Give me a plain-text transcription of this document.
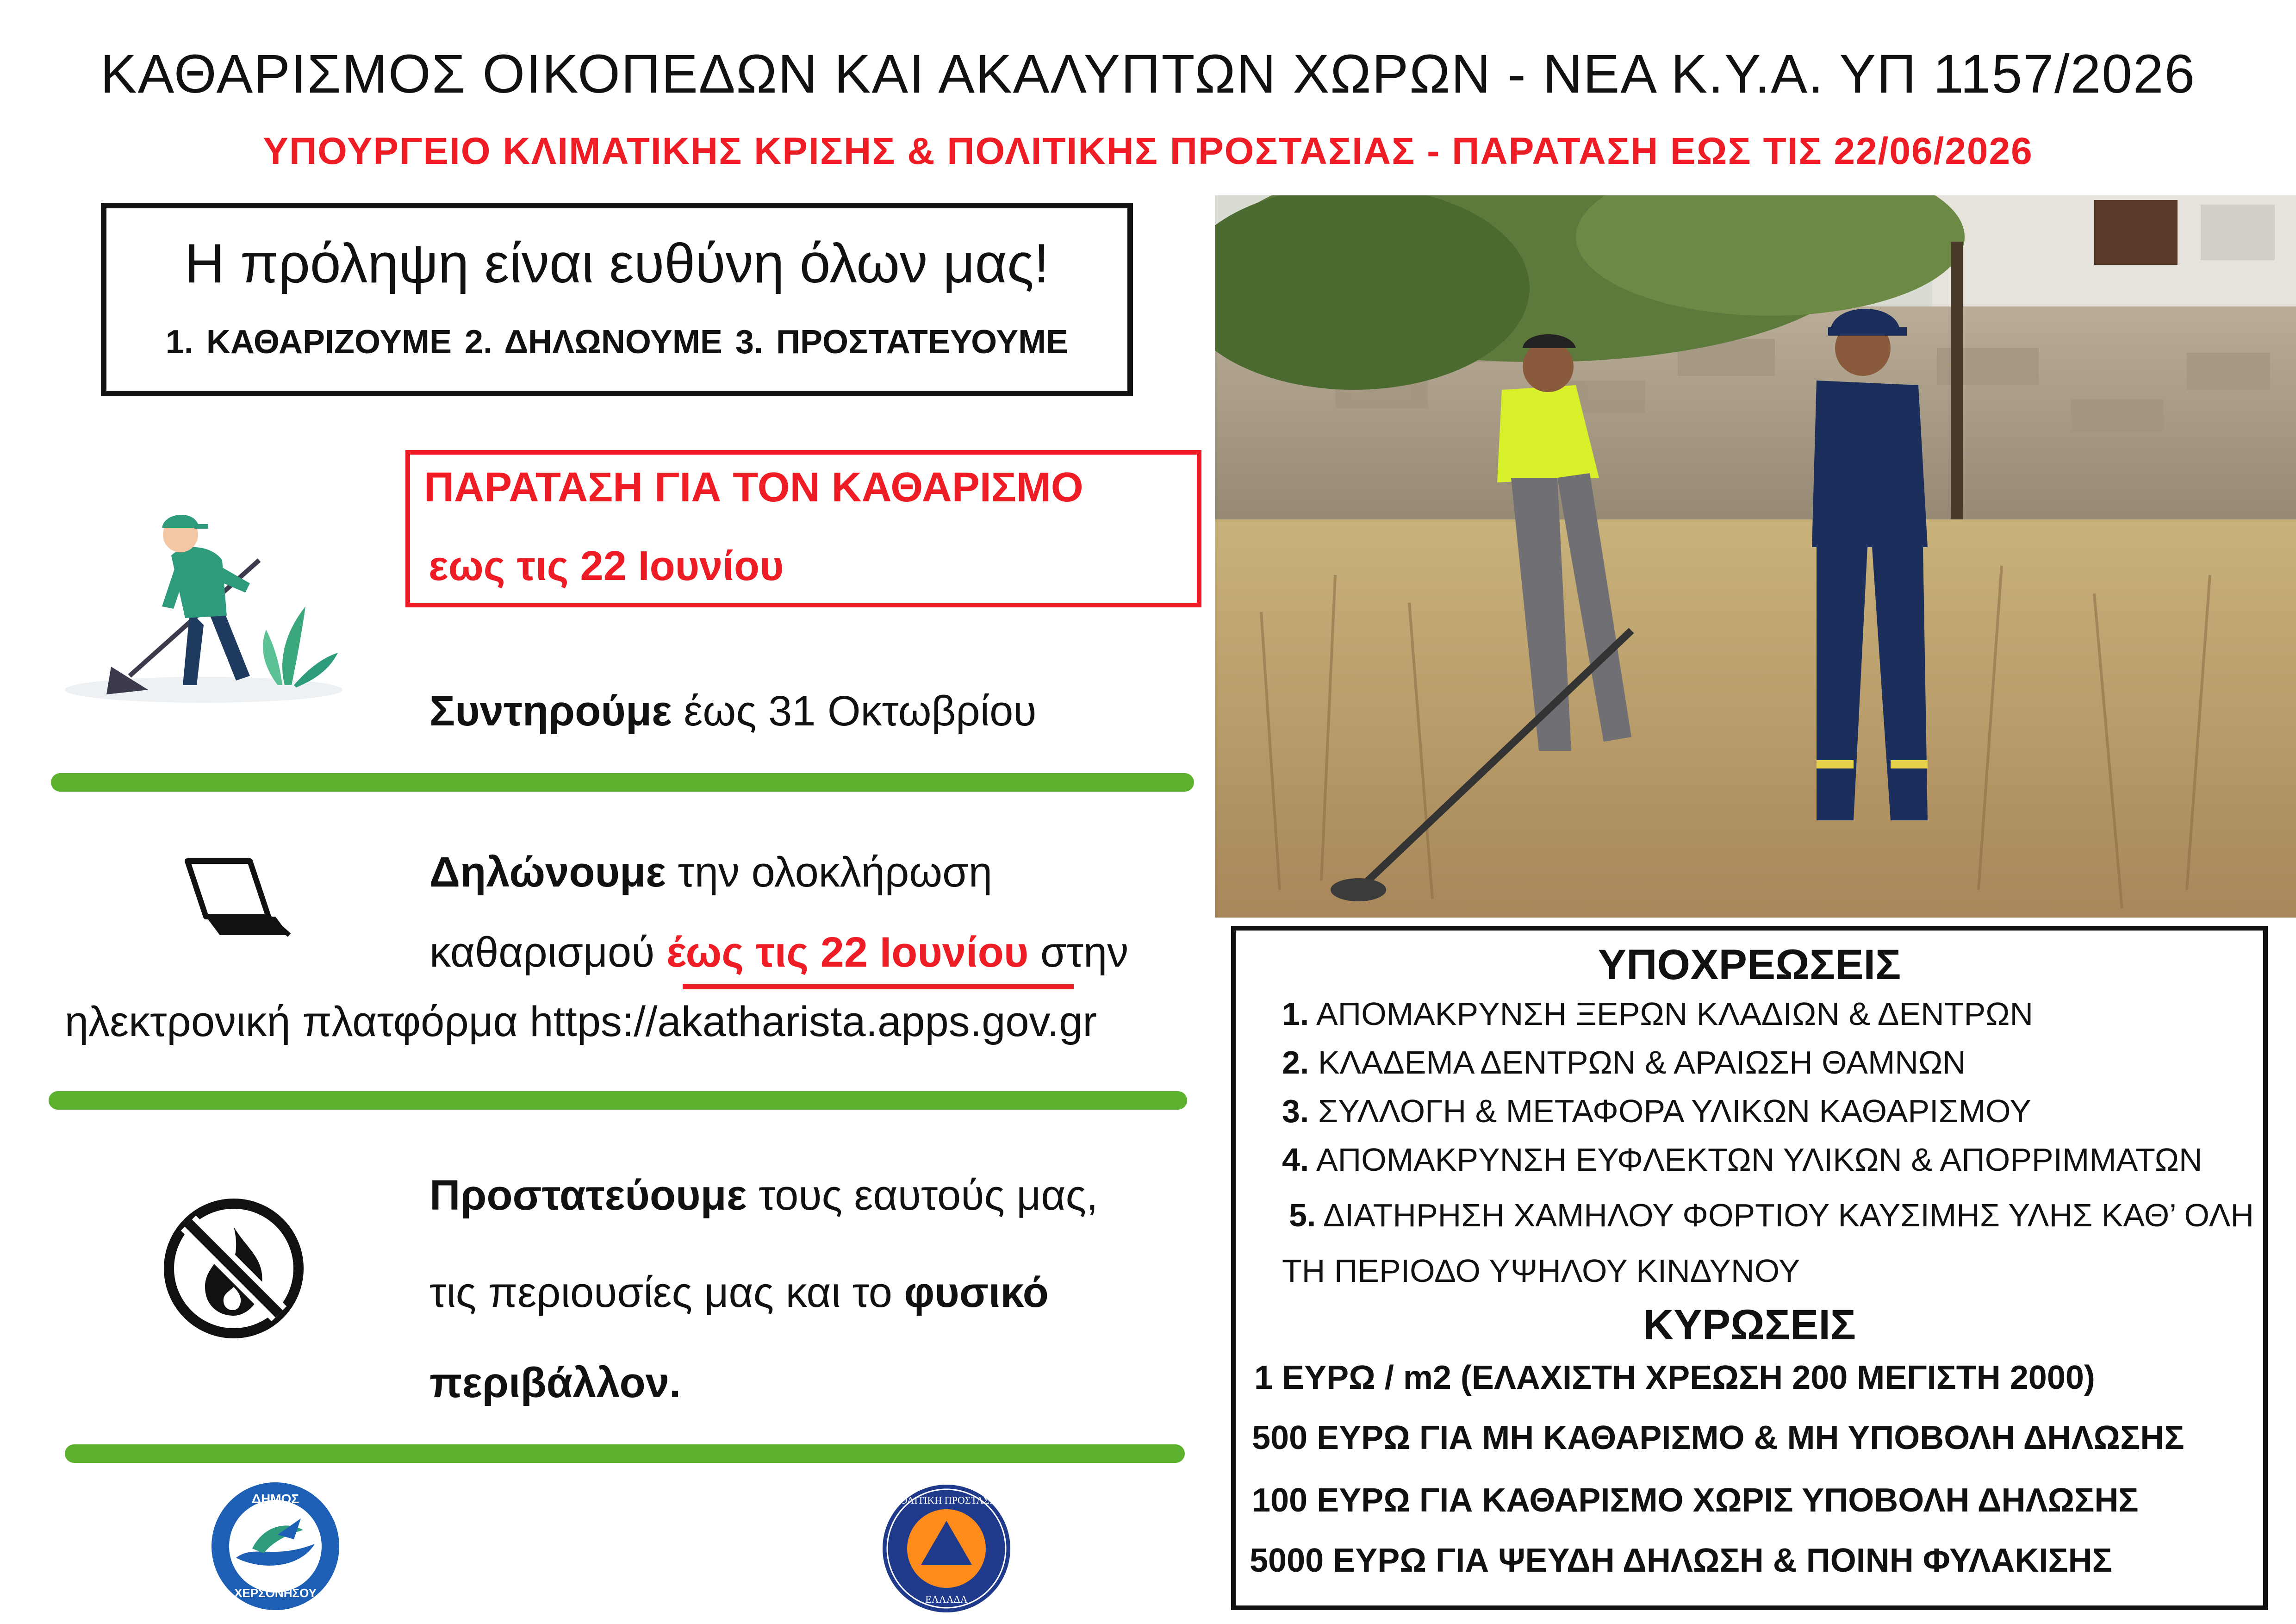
ΚΑΘΑΡΙΣΜΟΣ ΟΙΚΟΠΕΔΩΝ ΚΑΙ ΑΚΑΛΥΠΤΩΝ ΧΩΡΩΝ - ΝΕΑ Κ.Υ.Α. ΥΠ 1157/2026
ΥΠΟΥΡΓΕΙΟ ΚΛΙΜΑΤΙΚΗΣ ΚΡΙΣΗΣ & ΠΟΛΙΤΙΚΗΣ ΠΡΟΣΤΑΣΙΑΣ - ΠΑΡΑΤΑΣΗ ΕΩΣ ΤΙΣ 22/06/2026
Η πρόληψη είναι ευθύνη όλων μας!
1. ΚΑΘΑΡΙΖΟΥΜΕ 2. ΔΗΛΩΝΟΥΜΕ 3. ΠΡΟΣΤΑΤΕΥΟΥΜΕ
ΠΑΡΑΤΑΣΗ ΓΙΑ ΤΟΝ ΚΑΘΑΡΙΣΜΟ
εως τις 22 Ιουνίου
Συντηρούμε έως 31 Οκτωβρίου
Δηλώνουμε την ολοκλήρωση
καθαρισμού έως τις 22 Ιουνίου στην
ηλεκτρονική πλατφόρμα https://akatharista.apps.gov.gr
Προστατεύουμε τους εαυτούς μας,
τις περιουσίες μας και το φυσικό
περιβάλλον.
ΔΗΜΟΣ
ΧΕΡΣΟΝΗΣΟΥ
ΠΟΛΙΤΙΚΗ ΠΡΟΣΤΑΣΙΑ
ΕΛΛΑΔΑ
ΥΠΟΧΡΕΩΣΕΙΣ
1. ΑΠΟΜΑΚΡΥΝΣΗ ΞΕΡΩΝ ΚΛΑΔΙΩΝ & ΔΕΝΤΡΩΝ
2. ΚΛΑΔΕΜΑ ΔΕΝΤΡΩΝ & ΑΡΑΙΩΣΗ ΘΑΜΝΩΝ
3. ΣΥΛΛΟΓΗ & ΜΕΤΑΦΟΡΑ ΥΛΙΚΩΝ ΚΑΘΑΡΙΣΜΟΥ
4. ΑΠΟΜΑΚΡΥΝΣΗ ΕΥΦΛΕΚΤΩΝ ΥΛΙΚΩΝ & ΑΠΟΡΡΙΜΜΑΤΩΝ
5. ΔΙΑΤΗΡΗΣΗ ΧΑΜΗΛΟΥ ΦΟΡΤΙΟΥ ΚΑΥΣΙΜΗΣ ΥΛΗΣ ΚΑΘ’ ΟΛΗ
ΤΗ ΠΕΡΙΟΔΟ ΥΨΗΛΟΥ ΚΙΝΔΥΝΟΥ
ΚΥΡΩΣΕΙΣ
1 ΕΥΡΩ / m2 (ΕΛΑΧΙΣΤΗ ΧΡΕΩΣΗ 200 ΜΕΓΙΣΤΗ 2000)
500 ΕΥΡΩ ΓΙΑ ΜΗ ΚΑΘΑΡΙΣΜΟ & ΜΗ ΥΠΟΒΟΛΗ ΔΗΛΩΣΗΣ
100 ΕΥΡΩ ΓΙΑ ΚΑΘΑΡΙΣΜΟ ΧΩΡΙΣ ΥΠΟΒΟΛΗ ΔΗΛΩΣΗΣ
5000 ΕΥΡΩ ΓΙΑ ΨΕΥΔΗ ΔΗΛΩΣΗ & ΠΟΙΝΗ ΦΥΛΑΚΙΣΗΣ
